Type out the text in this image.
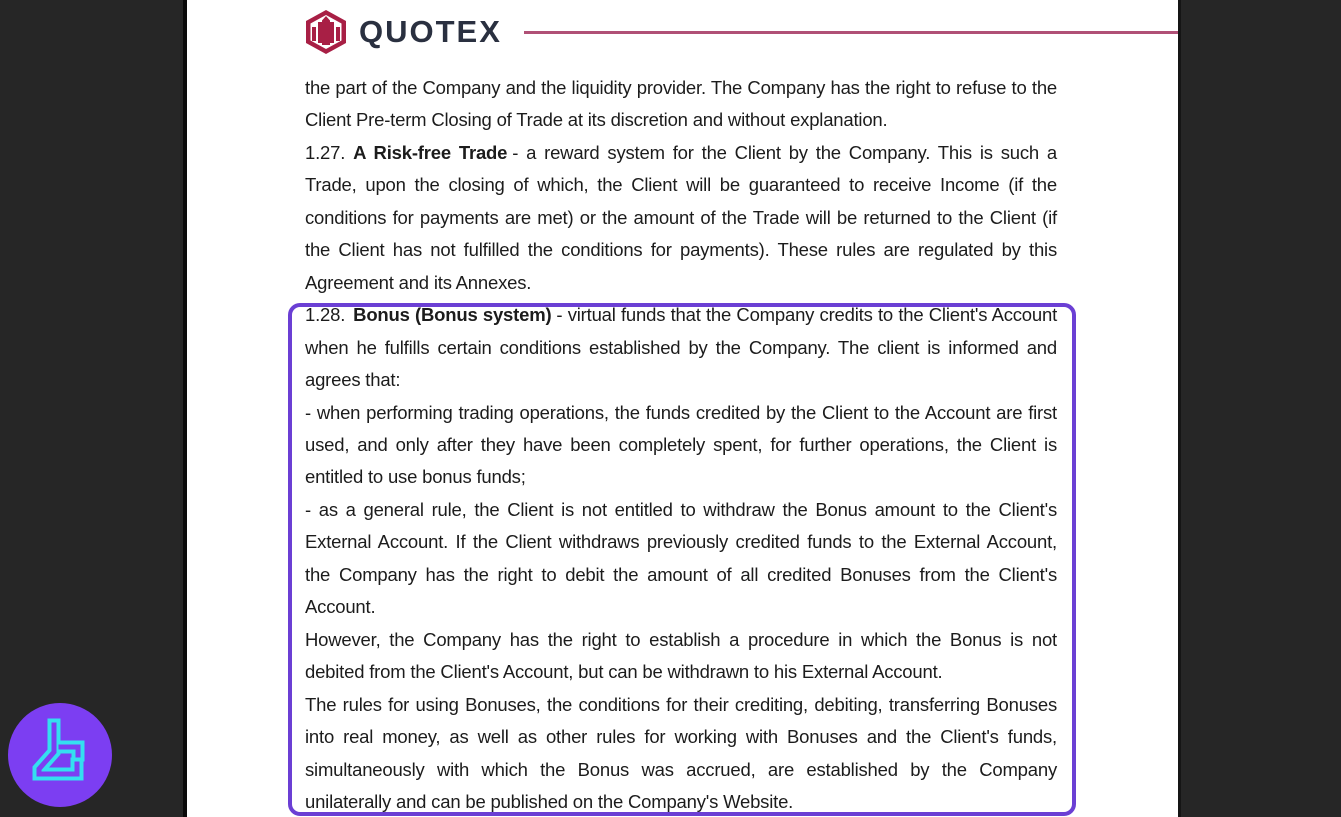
QUOTEX

the part of the Company and the liquidity provider. The Company has the right to refuse to the Client Pre-term Closing of Trade at its discretion and without explanation.

1.27. A Risk-free Trade - a reward system for the Client by the Company. This is such a Trade, upon the closing of which, the Client will be guaranteed to receive Income (if the conditions for payments are met) or the amount of the Trade will be returned to the Client (if the Client has not fulfilled the conditions for payments). These rules are regulated by this Agreement and its Annexes.

1.28. Bonus (Bonus system) - virtual funds that the Company credits to the Client's Account when he fulfills certain conditions established by the Company. The client is informed and agrees that:

- when performing trading operations, the funds credited by the Client to the Account are first used, and only after they have been completely spent, for further operations, the Client is entitled to use bonus funds;

- as a general rule, the Client is not entitled to withdraw the Bonus amount to the Client's External Account. If the Client withdraws previously credited funds to the External Account, the Company has the right to debit the amount of all credited Bonuses from the Client's Account.

However, the Company has the right to establish a procedure in which the Bonus is not debited from the Client's Account, but can be withdrawn to his External Account.

The rules for using Bonuses, the conditions for their crediting, debiting, transferring Bonuses into real money, as well as other rules for working with Bonuses and the Client's funds, simultaneously with which the Bonus was accrued, are established by the Company unilaterally and can be published on the Company's Website.
